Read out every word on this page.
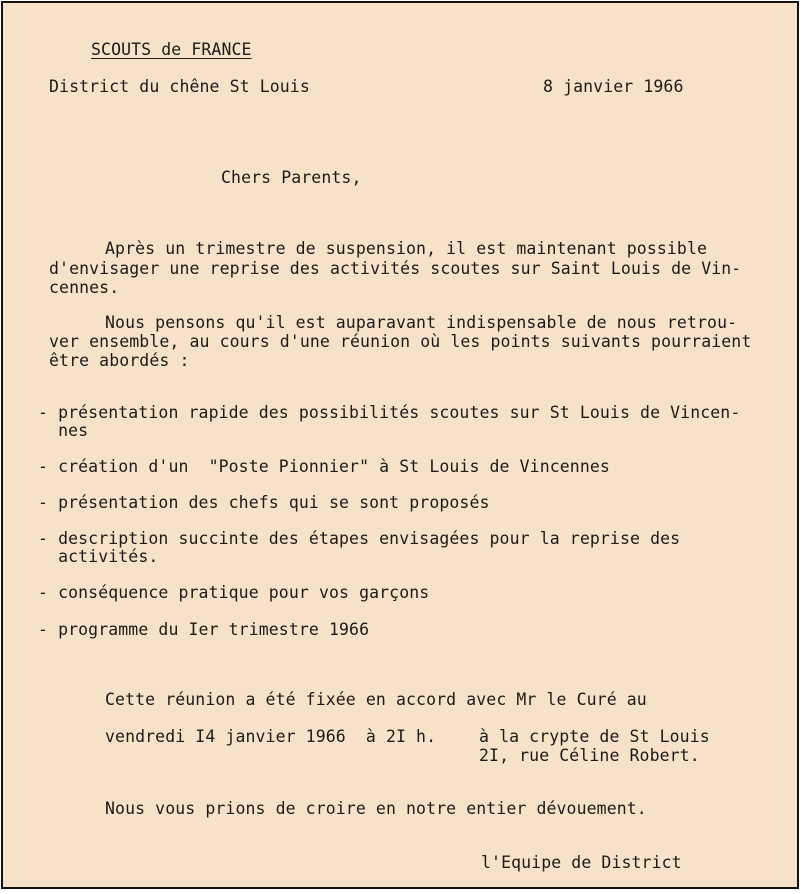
SCOUTS de FRANCE
District du chêne St Louis	8 janvier 1966
Chers Parents,
Après un trimestre de suspension, il est maintenant possible
d'envisager une reprise des activités scoutes sur Saint Louis de Vin-
cennes.
Nous pensons qu'il est auparavant indispensable de nous retrou-
ver ensemble, au cours d'une réunion où les points suivants pourraient
être abordés :
- présentation rapide des possibilités scoutes sur St Louis de Vincen-
nes
- création d'un  "Poste Pionnier" à St Louis de Vincennes
- présentation des chefs qui se sont proposés
- description succinte des étapes envisagées pour la reprise des
activités.
- conséquence pratique pour vos garçons
- programme du Ier trimestre 1966
Cette réunion a été fixée en accord avec Mr le Curé au
vendredi I4 janvier 1966  à 2I h.	à la crypte de St Louis
2I, rue Céline Robert.
Nous vous prions de croire en notre entier dévouement.
l'Equipe de District
